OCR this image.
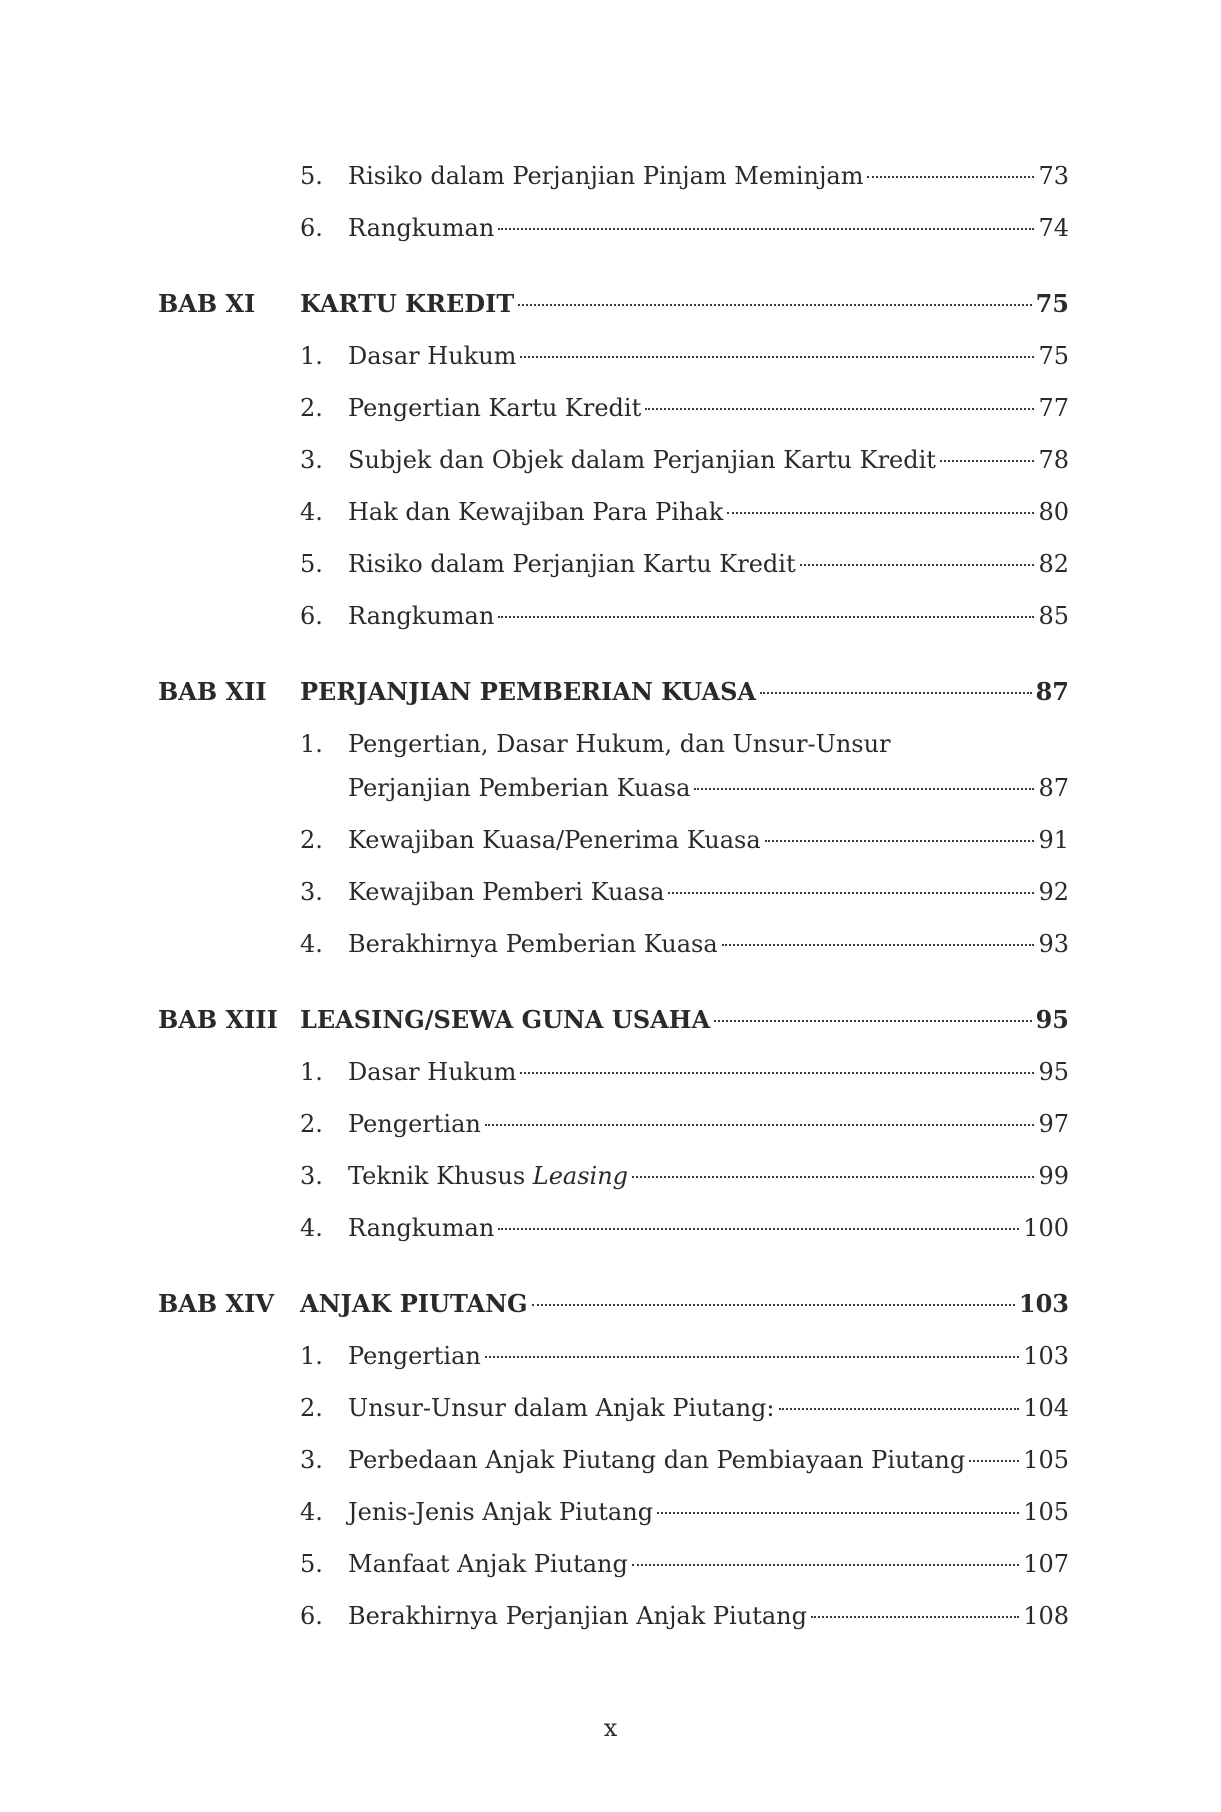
5. Risiko dalam Perjanjian Pinjam Meminjam	73
6. Rangkuman	74
BAB XI KARTU KREDIT	75
1. Dasar Hukum	75
2. Pengertian Kartu Kredit	77
3. Subjek dan Objek dalam Perjanjian Kartu Kredit	78
4. Hak dan Kewajiban Para Pihak	80
5. Risiko dalam Perjanjian Kartu Kredit	82
6. Rangkuman	85
BAB XII PERJANJIAN PEMBERIAN KUASA	87
1. Pengertian, Dasar Hukum, dan Unsur-Unsur
Perjanjian Pemberian Kuasa	87
2. Kewajiban Kuasa/Penerima Kuasa	91
3. Kewajiban Pemberi Kuasa	92
4. Berakhirnya Pemberian Kuasa	93
BAB XIII LEASING/SEWA GUNA USAHA	95
1. Dasar Hukum	95
2. Pengertian	97
3. Teknik Khusus Leasing	99
4. Rangkuman	100
BAB XIV ANJAK PIUTANG	103
1. Pengertian	103
2. Unsur-Unsur dalam Anjak Piutang:	104
3. Perbedaan Anjak Piutang dan Pembiayaan Piutang 105
4. Jenis-Jenis Anjak Piutang	105
5. Manfaat Anjak Piutang	107
6. Berakhirnya Perjanjian Anjak Piutang	108
x
